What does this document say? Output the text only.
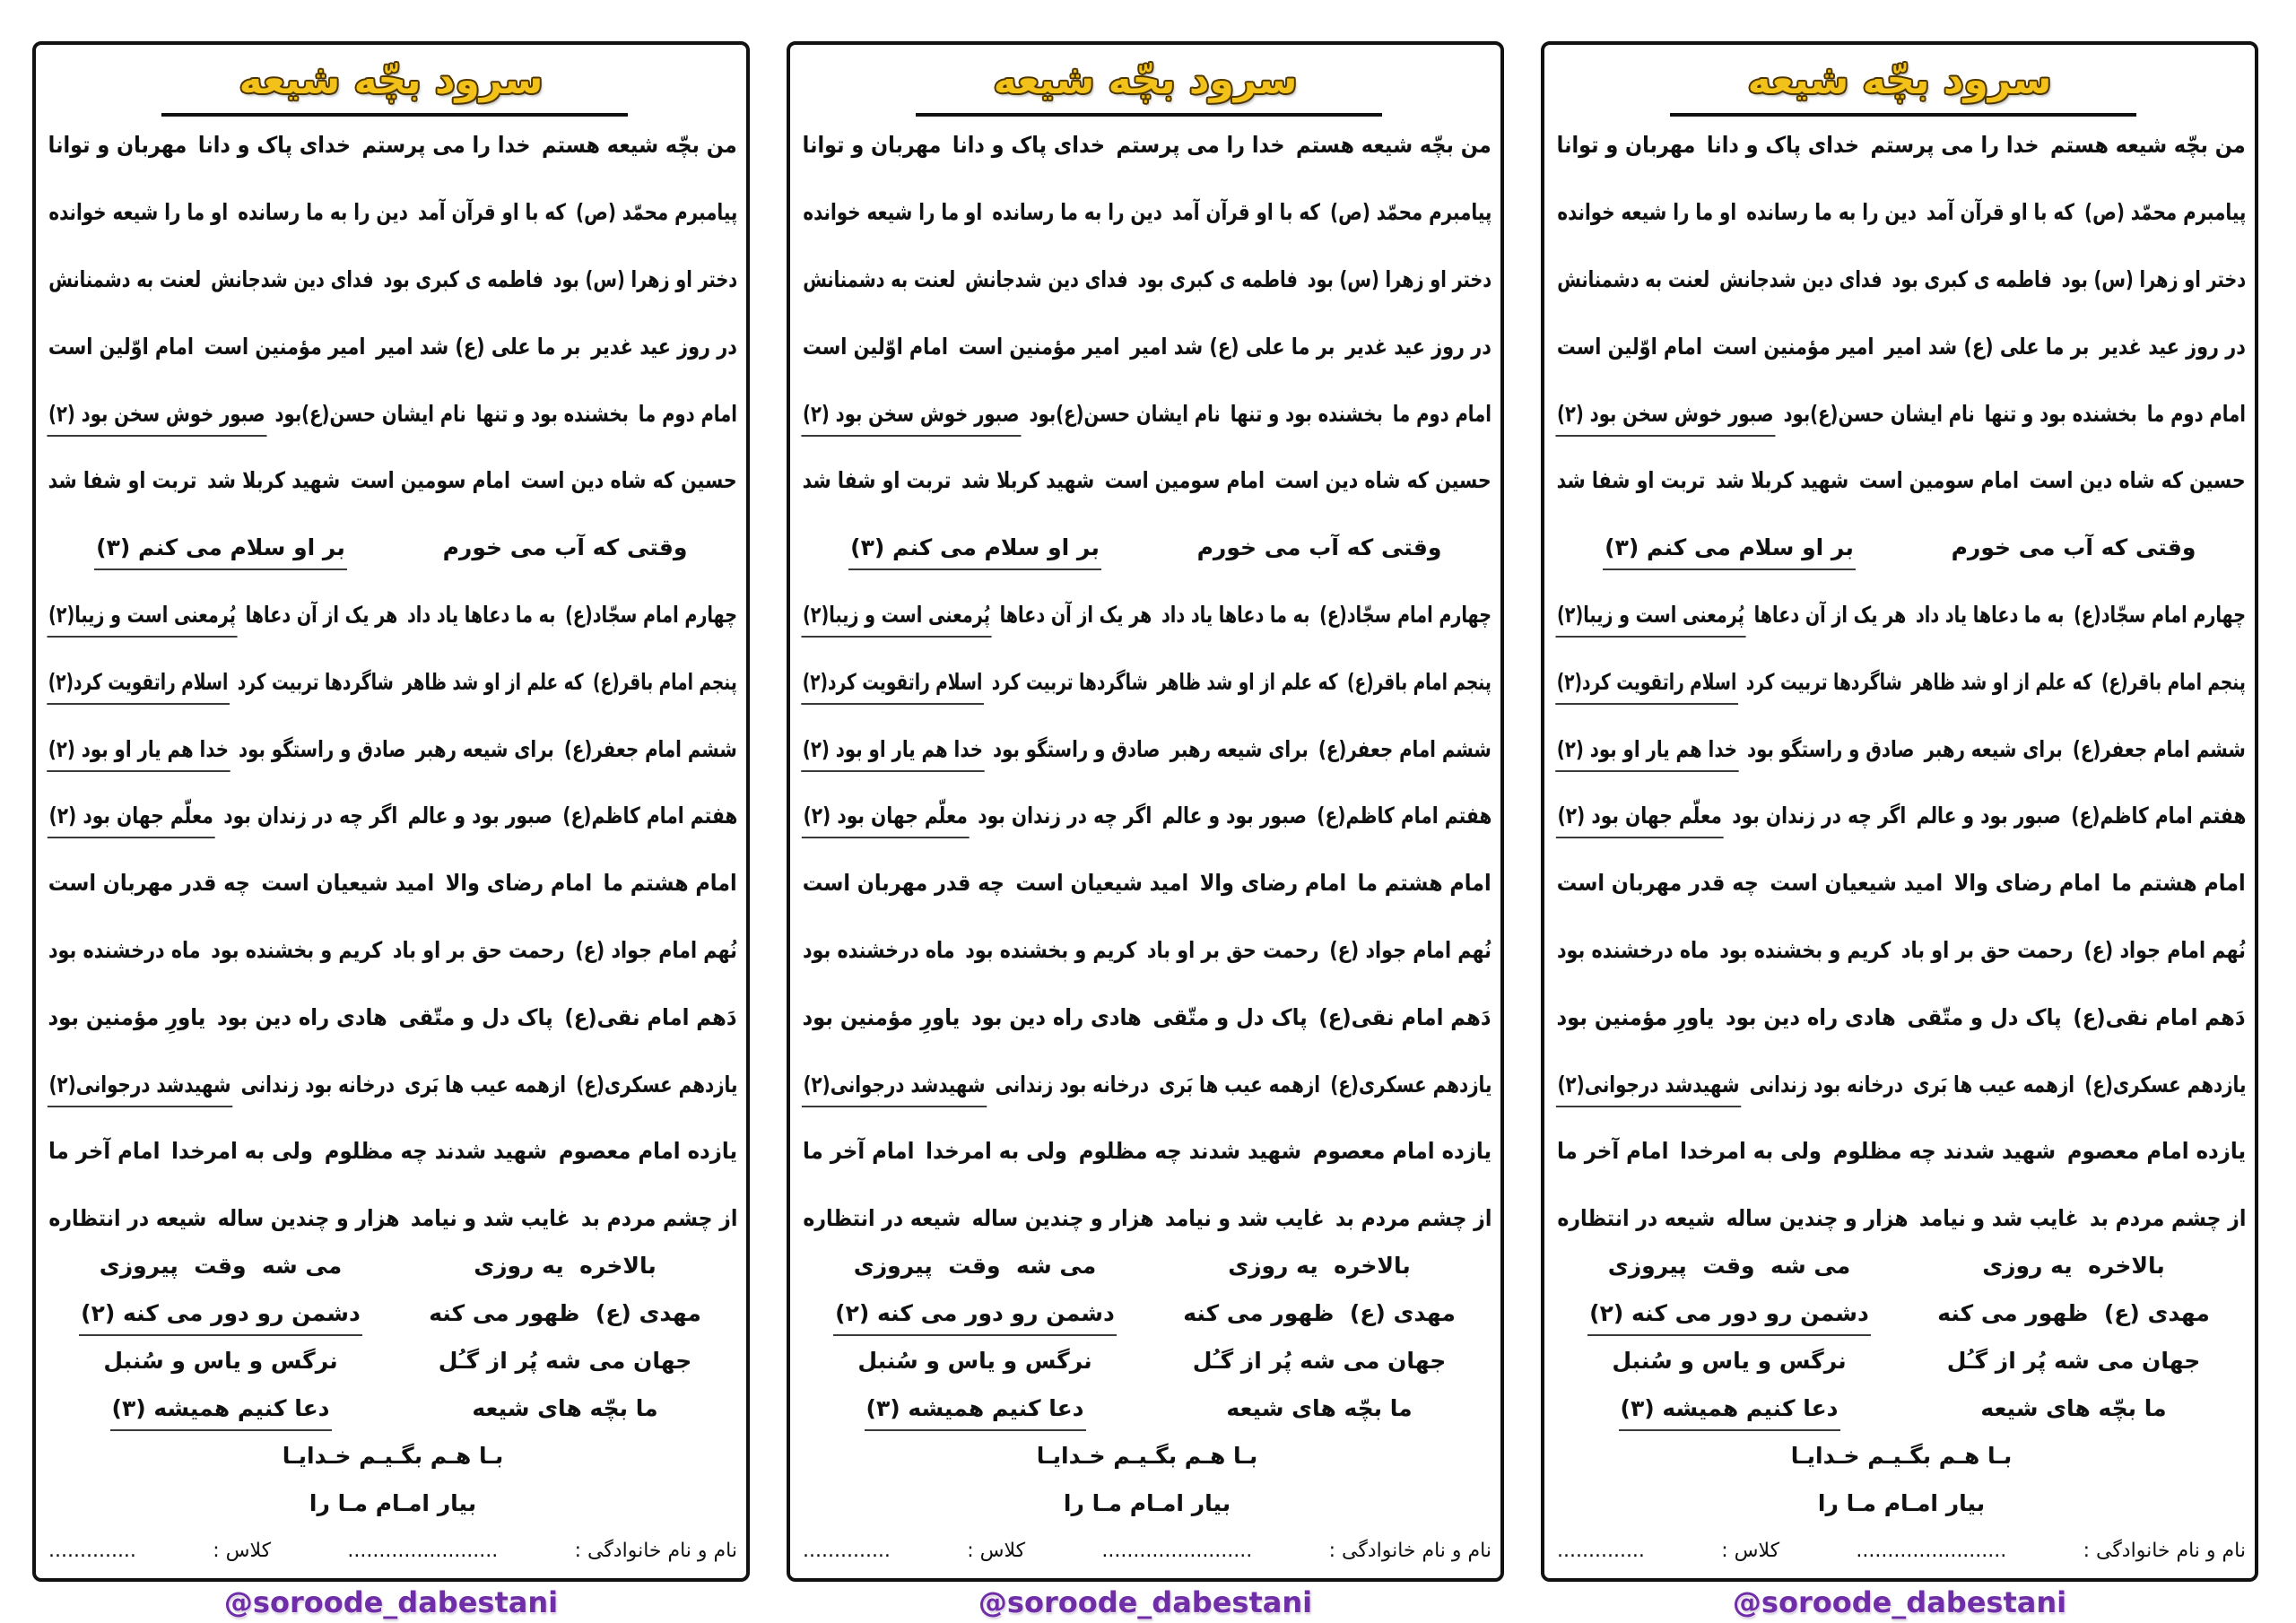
سرود بچّه شیعه
من بچّه شیعه هستم
خدا را می پرستم
خدای پاک و دانا
مهربان و توانا
پیامبرم محمّد (ص)
که با او قرآن آمد
دین را به ما رسانده
او ما را شیعه خوانده
دختر او زهرا (س) بود
فاطمه ی کبری بود
فدای دین شدجانش
لعنت به دشمنانش
در روز عید غدیر
بر ما علی (ع) شد امیر
امیر مؤمنین است
امام اوّلین است
امام دوم ما
بخشنده بود و تنها
نام ایشان حسن(ع)بود
صبور خوش سخن بود (۲)
حسین که شاه دین است
امام سومین است
شهید کربلا شد
تربت او شفا شد
وقتی که آب می خورم
بر او سلام می کنم (۳)
چهارم امام سجّاد(ع)
به ما دعاها یاد داد
هر یک از آن دعاها
پُرمعنی است و زیبا(۲)
پنجم امام باقر(ع)
که علم از او شد ظاهر
شاگردها تربیت کرد
اسلام راتقویت کرد(۲)
ششم امام جعفر(ع)
برای شیعه رهبر
صادق و راستگو بود
خدا هم یار او بود (۲)
هفتم امام کاظم(ع)
صبور بود و عالم
اگر چه در زندان بود
معلّم جهان بود (۲)
امام هشتم ما
امام رضای والا
امید شیعیان است
چه قدر مهربان است
نُهم امام جواد (ع)
رحمت حق بر او باد
کریم و بخشنده بود
ماه درخشنده بود
دَهم امام نقی(ع)
پاک دل و متّقی
هادی راه دین بود
یاورِ مؤمنین بود
یازدهم عسکری(ع)
ازهمه عیب ها بَری
درخانه بود زندانی
شهیدشد درجوانی(۲)
یازده امام معصوم
شهید شدند چه مظلوم
ولی به امرخدا
امام آخر ما
از چشم مردم بد
غایب شد و نیامد
هزار و چندین ساله
شیعه در انتظاره
بالاخره  یه روزی
می شه  وقت  پیروزی
مهدی (ع)  ظهور می کنه
دشمن رو دور می کنه (۲)
جهان می شه پُر از گـُل
نرگس و یاس و سُنبل
ما بچّه های شیعه
دعا کنیم همیشه (۳)
بـا هـم بگـیـم خـدایـا
بیار امـام مـا را
نام و نام خانوادگی :
........................
کلاس :
..............
@soroode_dabestani
سرود بچّه شیعه
من بچّه شیعه هستم
خدا را می پرستم
خدای پاک و دانا
مهربان و توانا
پیامبرم محمّد (ص)
که با او قرآن آمد
دین را به ما رسانده
او ما را شیعه خوانده
دختر او زهرا (س) بود
فاطمه ی کبری بود
فدای دین شدجانش
لعنت به دشمنانش
در روز عید غدیر
بر ما علی (ع) شد امیر
امیر مؤمنین است
امام اوّلین است
امام دوم ما
بخشنده بود و تنها
نام ایشان حسن(ع)بود
صبور خوش سخن بود (۲)
حسین که شاه دین است
امام سومین است
شهید کربلا شد
تربت او شفا شد
وقتی که آب می خورم
بر او سلام می کنم (۳)
چهارم امام سجّاد(ع)
به ما دعاها یاد داد
هر یک از آن دعاها
پُرمعنی است و زیبا(۲)
پنجم امام باقر(ع)
که علم از او شد ظاهر
شاگردها تربیت کرد
اسلام راتقویت کرد(۲)
ششم امام جعفر(ع)
برای شیعه رهبر
صادق و راستگو بود
خدا هم یار او بود (۲)
هفتم امام کاظم(ع)
صبور بود و عالم
اگر چه در زندان بود
معلّم جهان بود (۲)
امام هشتم ما
امام رضای والا
امید شیعیان است
چه قدر مهربان است
نُهم امام جواد (ع)
رحمت حق بر او باد
کریم و بخشنده بود
ماه درخشنده بود
دَهم امام نقی(ع)
پاک دل و متّقی
هادی راه دین بود
یاورِ مؤمنین بود
یازدهم عسکری(ع)
ازهمه عیب ها بَری
درخانه بود زندانی
شهیدشد درجوانی(۲)
یازده امام معصوم
شهید شدند چه مظلوم
ولی به امرخدا
امام آخر ما
از چشم مردم بد
غایب شد و نیامد
هزار و چندین ساله
شیعه در انتظاره
بالاخره  یه روزی
می شه  وقت  پیروزی
مهدی (ع)  ظهور می کنه
دشمن رو دور می کنه (۲)
جهان می شه پُر از گـُل
نرگس و یاس و سُنبل
ما بچّه های شیعه
دعا کنیم همیشه (۳)
بـا هـم بگـیـم خـدایـا
بیار امـام مـا را
نام و نام خانوادگی :
........................
کلاس :
..............
@soroode_dabestani
سرود بچّه شیعه
من بچّه شیعه هستم
خدا را می پرستم
خدای پاک و دانا
مهربان و توانا
پیامبرم محمّد (ص)
که با او قرآن آمد
دین را به ما رسانده
او ما را شیعه خوانده
دختر او زهرا (س) بود
فاطمه ی کبری بود
فدای دین شدجانش
لعنت به دشمنانش
در روز عید غدیر
بر ما علی (ع) شد امیر
امیر مؤمنین است
امام اوّلین است
امام دوم ما
بخشنده بود و تنها
نام ایشان حسن(ع)بود
صبور خوش سخن بود (۲)
حسین که شاه دین است
امام سومین است
شهید کربلا شد
تربت او شفا شد
وقتی که آب می خورم
بر او سلام می کنم (۳)
چهارم امام سجّاد(ع)
به ما دعاها یاد داد
هر یک از آن دعاها
پُرمعنی است و زیبا(۲)
پنجم امام باقر(ع)
که علم از او شد ظاهر
شاگردها تربیت کرد
اسلام راتقویت کرد(۲)
ششم امام جعفر(ع)
برای شیعه رهبر
صادق و راستگو بود
خدا هم یار او بود (۲)
هفتم امام کاظم(ع)
صبور بود و عالم
اگر چه در زندان بود
معلّم جهان بود (۲)
امام هشتم ما
امام رضای والا
امید شیعیان است
چه قدر مهربان است
نُهم امام جواد (ع)
رحمت حق بر او باد
کریم و بخشنده بود
ماه درخشنده بود
دَهم امام نقی(ع)
پاک دل و متّقی
هادی راه دین بود
یاورِ مؤمنین بود
یازدهم عسکری(ع)
ازهمه عیب ها بَری
درخانه بود زندانی
شهیدشد درجوانی(۲)
یازده امام معصوم
شهید شدند چه مظلوم
ولی به امرخدا
امام آخر ما
از چشم مردم بد
غایب شد و نیامد
هزار و چندین ساله
شیعه در انتظاره
بالاخره  یه روزی
می شه  وقت  پیروزی
مهدی (ع)  ظهور می کنه
دشمن رو دور می کنه (۲)
جهان می شه پُر از گـُل
نرگس و یاس و سُنبل
ما بچّه های شیعه
دعا کنیم همیشه (۳)
بـا هـم بگـیـم خـدایـا
بیار امـام مـا را
نام و نام خانوادگی :
........................
کلاس :
..............
@soroode_dabestani
